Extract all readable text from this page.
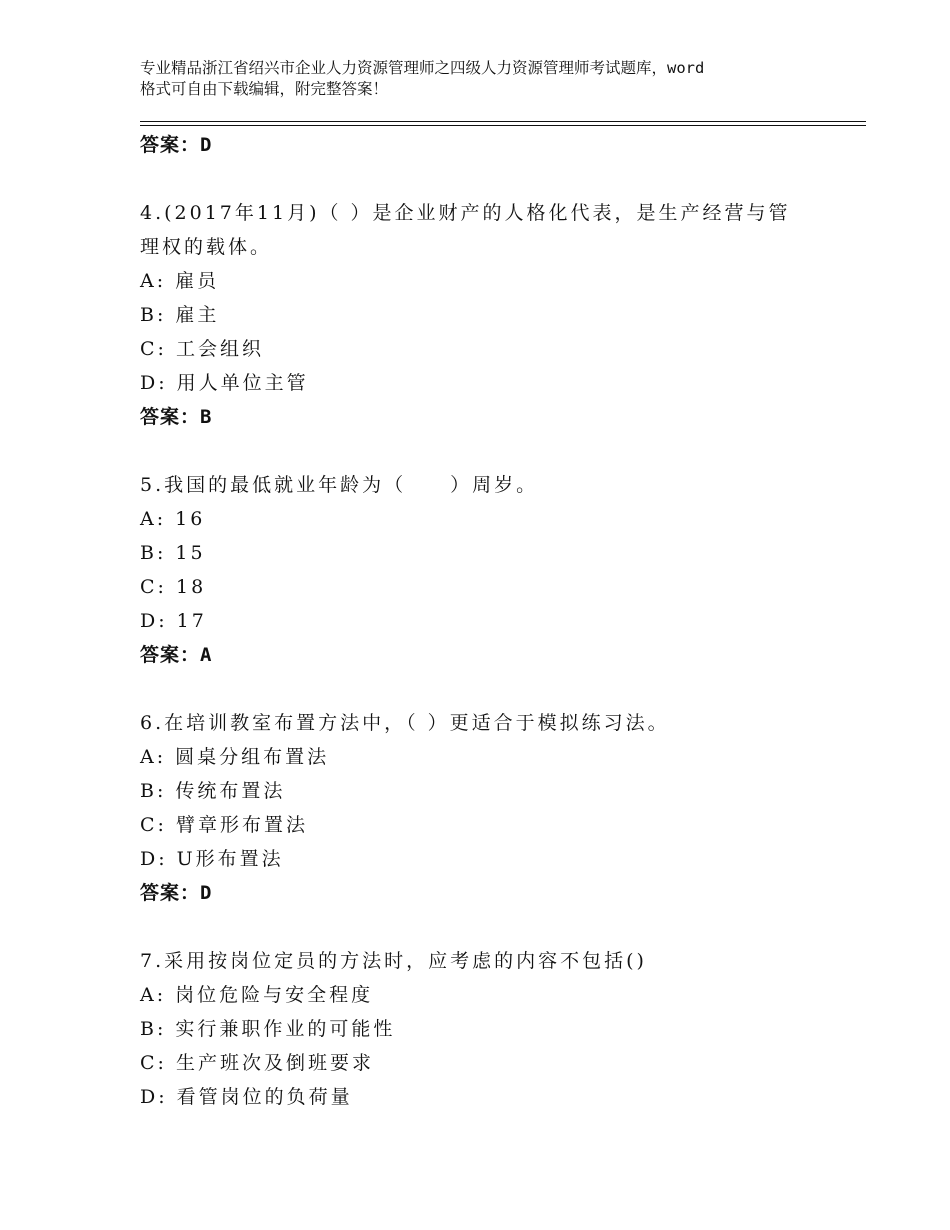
专业精品浙江省绍兴市企业人力资源管理师之四级人力资源管理师考试题库，word
格式可自由下载编辑，附完整答案！
答案：D
4.(2017年11月)（ ）是企业财产的人格化代表，是生产经营与管理权的载体。
A: 雇员
B: 雇主
C: 工会组织
D: 用人单位主管
答案：B
5.我国的最低就业年龄为（　　）周岁。
A: 16
B: 15
C: 18
D: 17
答案：A
6.在培训教室布置方法中，（ ）更适合于模拟练习法。
A: 圆桌分组布置法
B: 传统布置法
C: 臂章形布置法
D: U形布置法
答案：D
7.采用按岗位定员的方法时，应考虑的内容不包括()
A: 岗位危险与安全程度
B: 实行兼职作业的可能性
C: 生产班次及倒班要求
D: 看管岗位的负荷量
